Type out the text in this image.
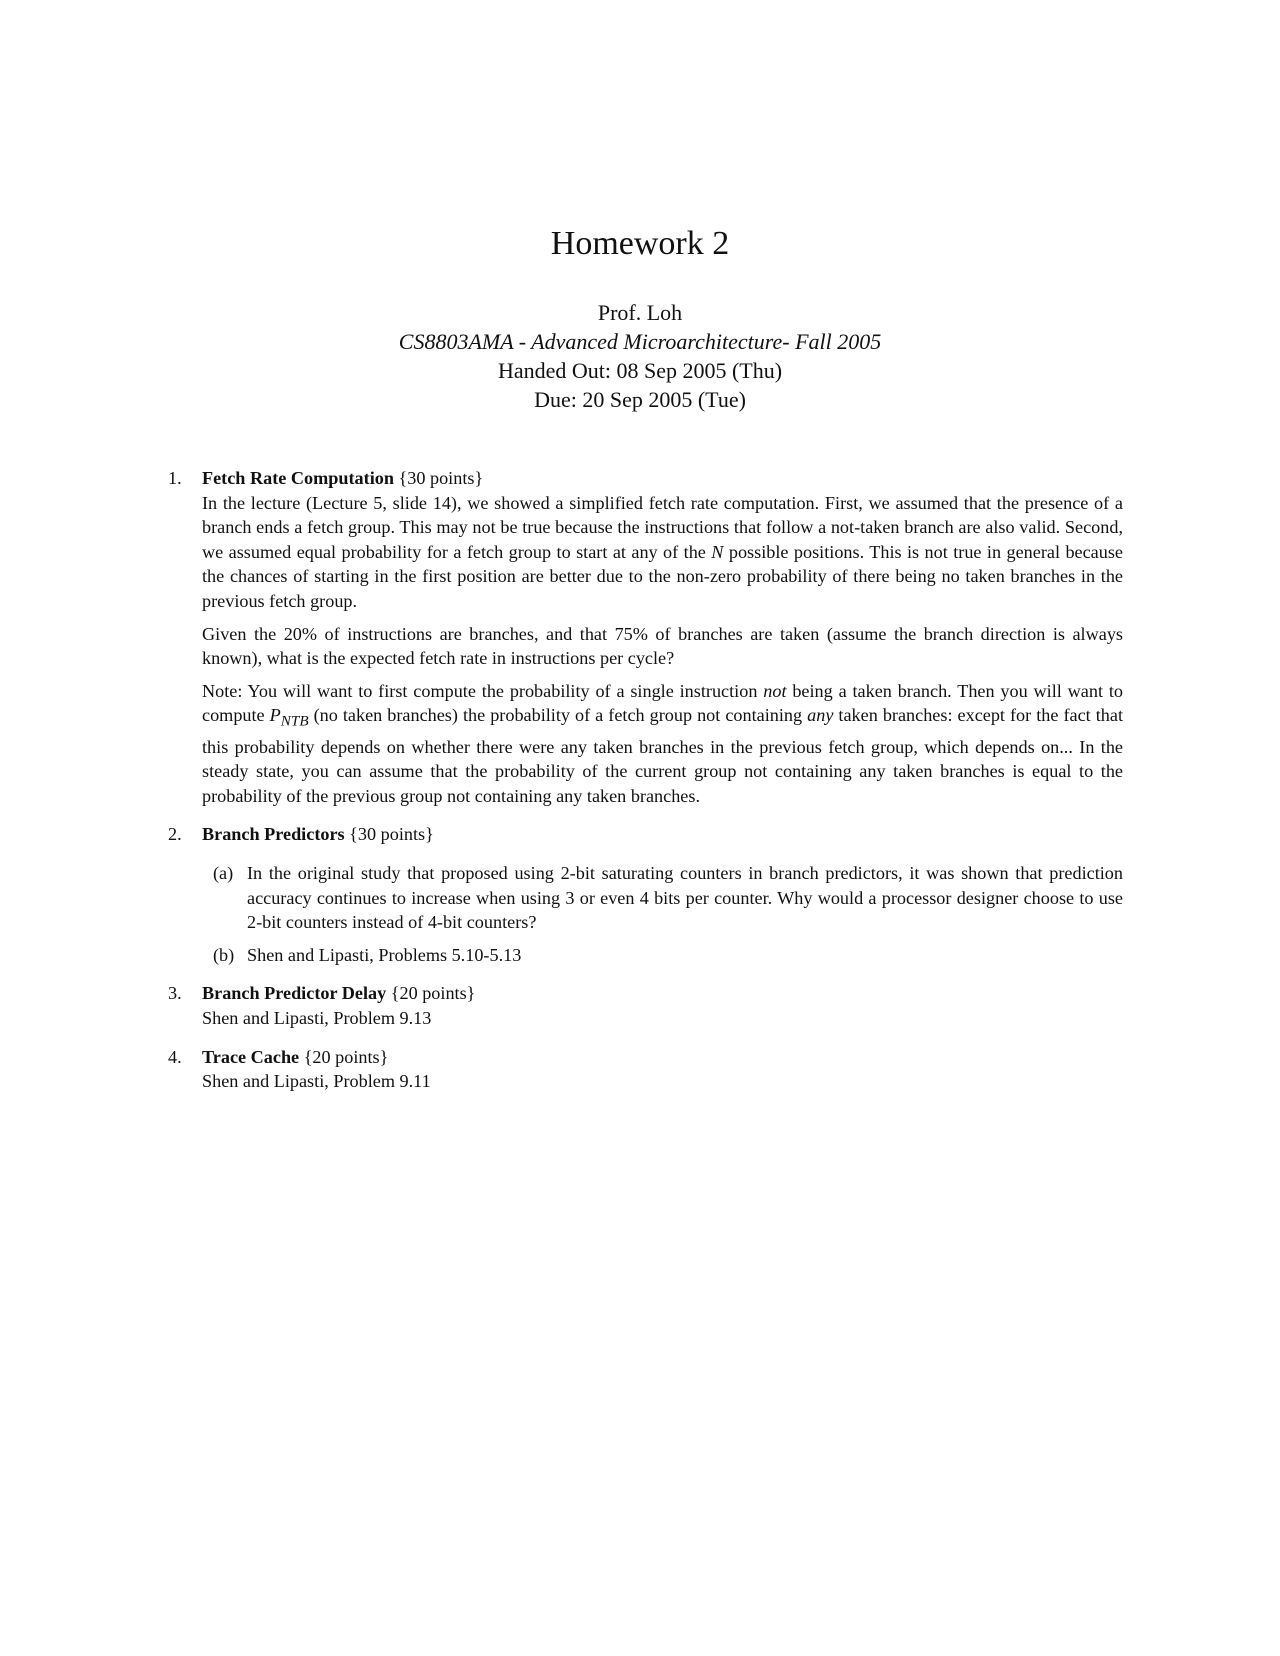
Homework 2
Prof. Loh
CS8803AMA - Advanced Microarchitecture- Fall 2005
Handed Out: 08 Sep 2005 (Thu)
Due: 20 Sep 2005 (Tue)
1. Fetch Rate Computation {30 points}

In the lecture (Lecture 5, slide 14), we showed a simplified fetch rate computation. First, we assumed that the presence of a branch ends a fetch group. This may not be true because the instructions that follow a not-taken branch are also valid. Second, we assumed equal probability for a fetch group to start at any of the N possible positions. This is not true in general because the chances of starting in the first position are better due to the non-zero probability of there being no taken branches in the previous fetch group.

Given the 20% of instructions are branches, and that 75% of branches are taken (assume the branch direction is always known), what is the expected fetch rate in instructions per cycle?

Note: You will want to first compute the probability of a single instruction not being a taken branch. Then you will want to compute $P_{NTB}$ (no taken branches) the probability of a fetch group not containing any taken branches: except for the fact that this probability depends on whether there were any taken branches in the previous fetch group, which depends on... In the steady state, you can assume that the probability of the current group not containing any taken branches is equal to the probability of the previous group not containing any taken branches.

2. Branch Predictors {30 points}
(a) In the original study that proposed using 2-bit saturating counters in branch predictors, it was shown that prediction accuracy continues to increase when using 3 or even 4 bits per counter. Why would a processor designer choose to use 2-bit counters instead of 4-bit counters?
(b) Shen and Lipasti, Problems 5.10-5.13
3. Branch Predictor Delay {20 points}
Shen and Lipasti, Problem 9.13
4. Trace Cache {20 points}
Shen and Lipasti, Problem 9.11
